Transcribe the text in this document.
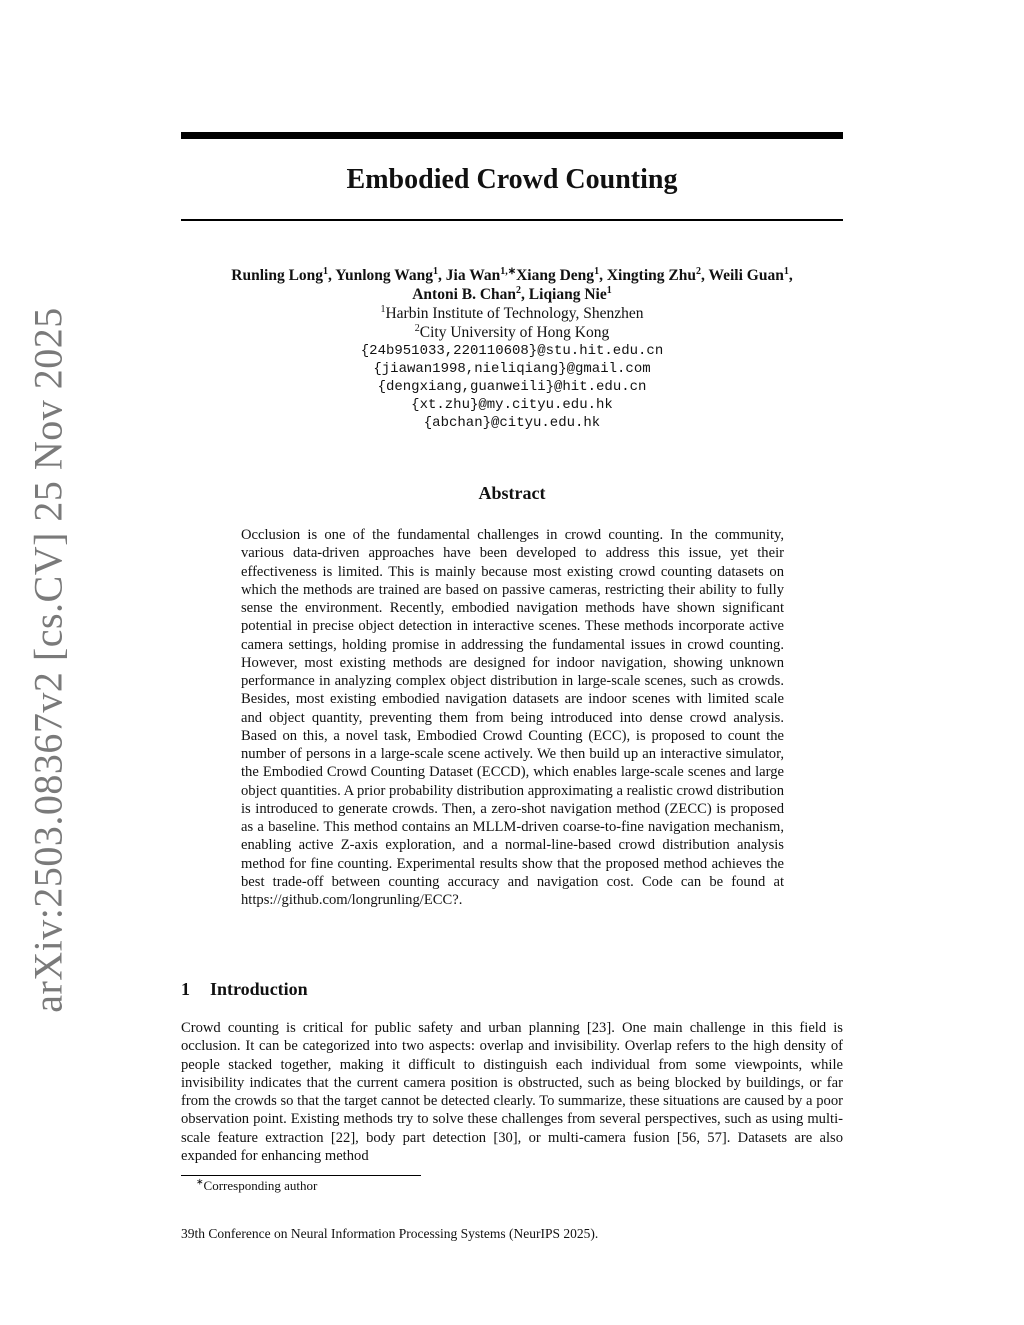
arXiv:2503.08367v2 [cs.CV] 25 Nov 2025
Embodied Crowd Counting
Runling Long$^1$, Yunlong Wang$^1$, Jia Wan$^{1,∗}$Xiang Deng$^1$, Xingting Zhu$^2$, Weili Guan$^1$,
Antoni B. Chan$^2$, Liqiang Nie$^1$
$^1$Harbin Institute of Technology, Shenzhen
$^2$City University of Hong Kong
{24b951033,220110608}@stu.hit.edu.cn
{jiawan1998,nieliqiang}@gmail.com
{dengxiang,guanweili}@hit.edu.cn
{xt.zhu}@my.cityu.edu.hk
{abchan}@cityu.edu.hk
Abstract
Occlusion is one of the fundamental challenges in crowd counting. In the community, various data-driven approaches have been developed to address this issue, yet their effectiveness is limited. This is mainly because most existing crowd counting datasets on which the methods are trained are based on passive cameras, restricting their ability to fully sense the environment. Recently, embodied navigation methods have shown significant potential in precise object detection in interactive scenes. These methods incorporate active camera settings, holding promise in addressing the fundamental issues in crowd counting. However, most existing methods are designed for indoor navigation, showing unknown performance in analyzing complex object distribution in large-scale scenes, such as crowds. Besides, most existing embodied navigation datasets are indoor scenes with limited scale and object quantity, preventing them from being introduced into dense crowd analysis. Based on this, a novel task, Embodied Crowd Counting (ECC), is proposed to count the number of persons in a large-scale scene actively. We then build up an interactive simulator, the Embodied Crowd Counting Dataset (ECCD), which enables large-scale scenes and large object quantities. A prior probability distribution approximating a realistic crowd distribution is introduced to generate crowds. Then, a zero-shot navigation method (ZECC) is proposed as a baseline. This method contains an MLLM-driven coarse-to-fine navigation mechanism, enabling active Z-axis exploration, and a normal-line-based crowd distribution analysis method for fine counting. Experimental results show that the proposed method achieves the best trade-off between counting accuracy and navigation cost. Code can be found at https://github.com/longrunling/ECC?.
1 Introduction
Crowd counting is critical for public safety and urban planning [23]. One main challenge in this field is occlusion. It can be categorized into two aspects: overlap and invisibility. Overlap refers to the high density of people stacked together, making it difficult to distinguish each individual from some viewpoints, while invisibility indicates that the current camera position is obstructed, such as being blocked by buildings, or far from the crowds so that the target cannot be detected clearly. To summarize, these situations are caused by a poor observation point. Existing methods try to solve these challenges from several perspectives, such as using multi-scale feature extraction [22], body part detection [30], or multi-camera fusion [56, 57]. Datasets are also expanded for enhancing method
∗Corresponding author
39th Conference on Neural Information Processing Systems (NeurIPS 2025).
